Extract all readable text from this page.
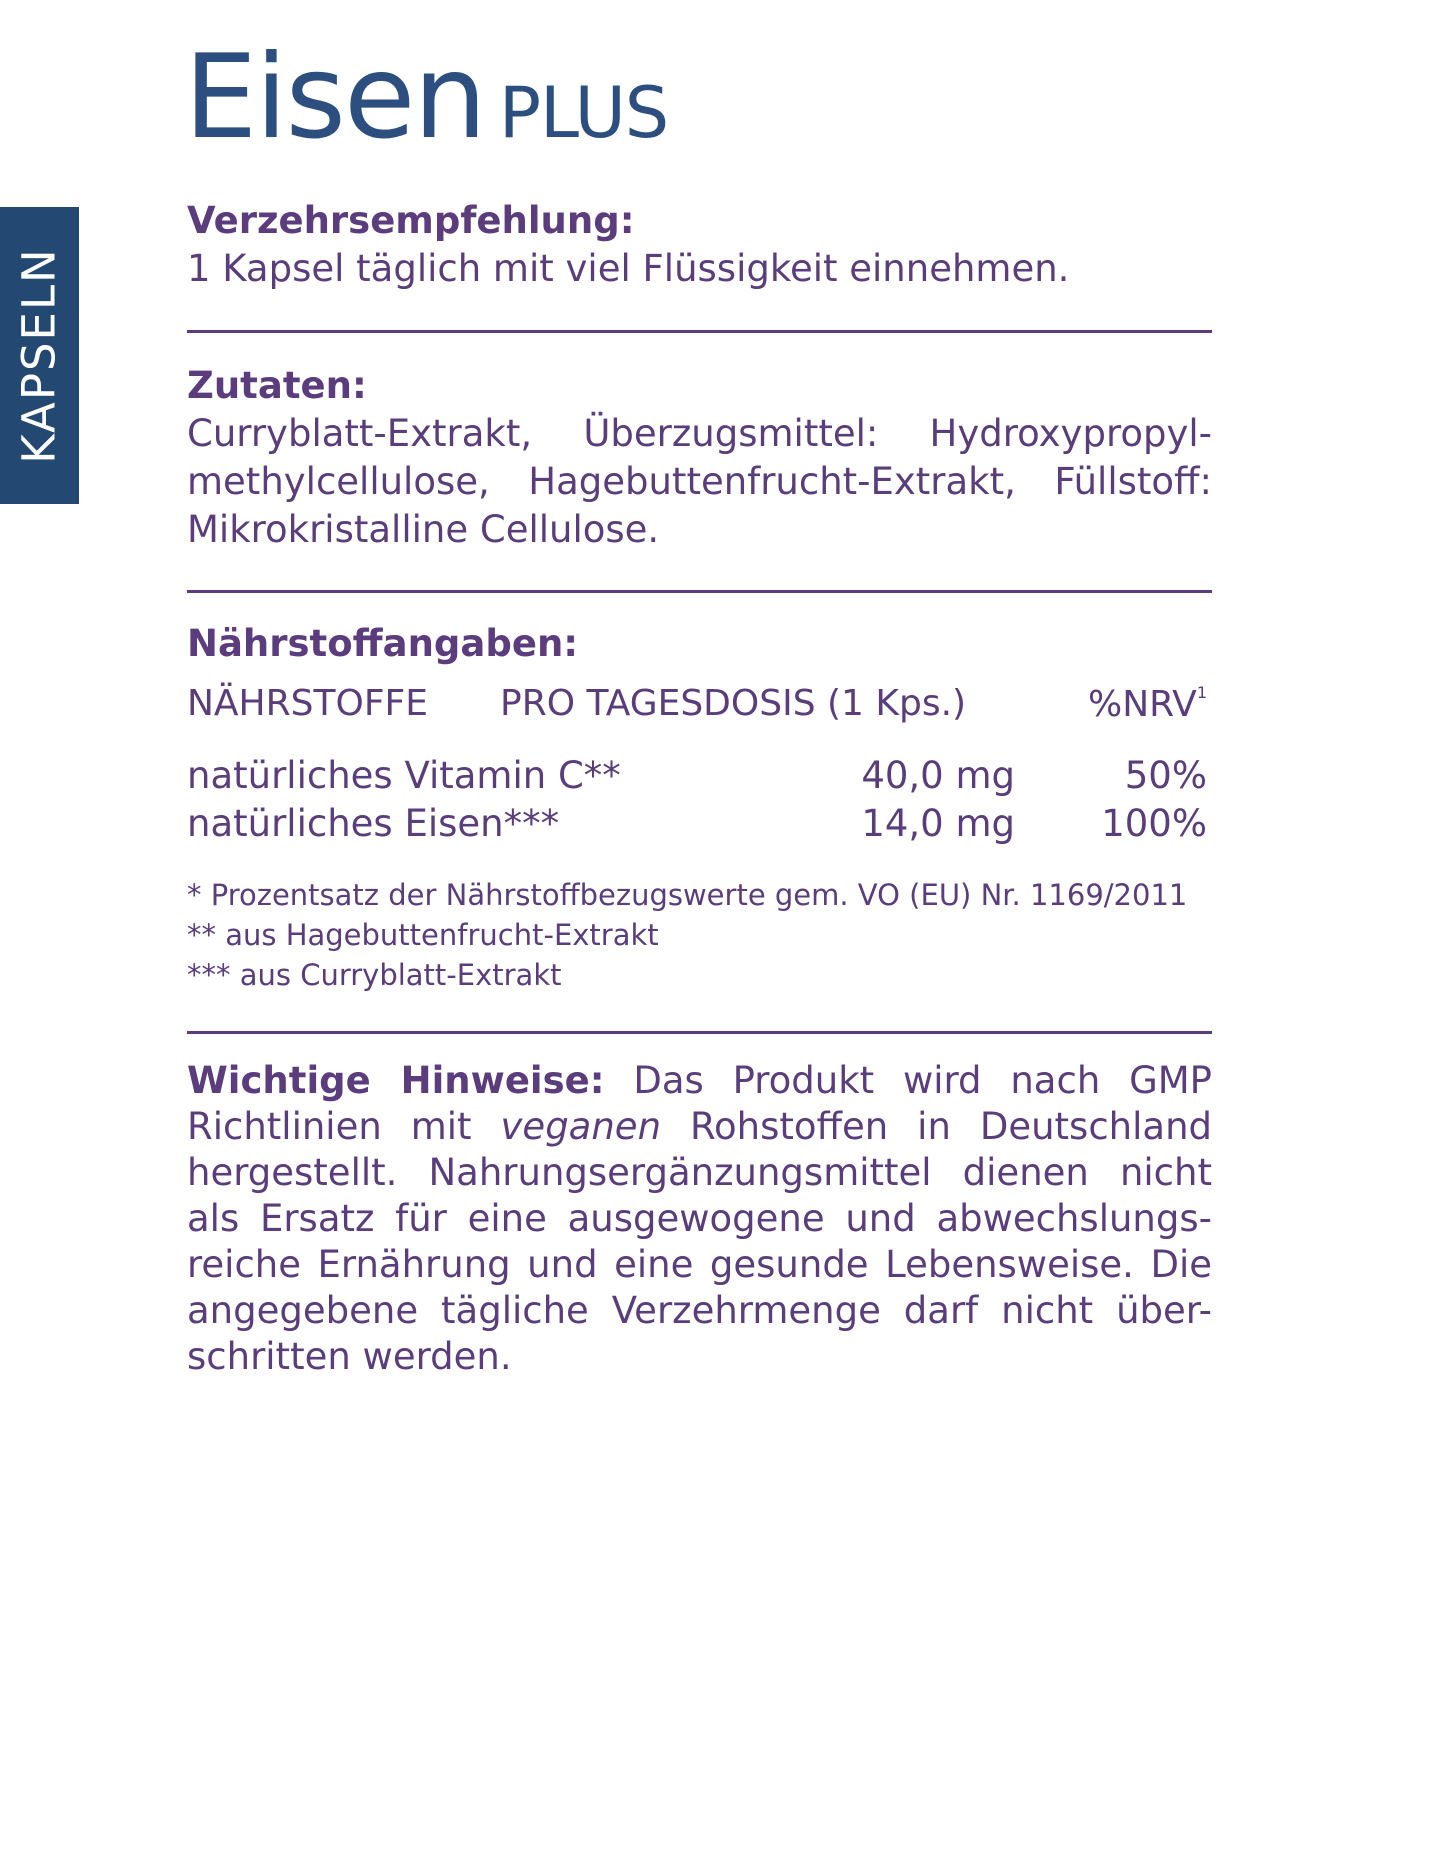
KAPSELN
Eisen PLUS
Verzehrsempfehlung:
1 Kapsel täglich mit viel Flüssigkeit einnehmen.
Zutaten:
Curryblatt-Extrakt, Überzugsmittel: Hydroxypropyl-methylcellulose, Hagebuttenfrucht-Extrakt, Füllstoff: Mikrokristalline Cellulose.
Nährstoffangaben:
NÄHRSTOFFE PRO TAGESDOSIS (1 Kps.)	%NRV$^1$
natürliches Vitamin C**	40,0 mg	50%
natürliches Eisen***	14,0 mg 100%
* Prozentsatz der Nährstoffbezugswerte gem. VO (EU) Nr. 1169/2011
** aus Hagebuttenfrucht-Extrakt
*** aus Curryblatt-Extrakt
Wichtige Hinweise: Das Produkt wird nach GMP Richtlinien mit veganen Rohstoffen in Deutschland hergestellt. Nahrungsergänzungsmittel dienen nicht als Ersatz für eine ausgewogene und abwechslungs-reiche Ernährung und eine gesunde Lebensweise. Die angegebene tägliche Verzehrmenge darf nicht über-schritten werden.
